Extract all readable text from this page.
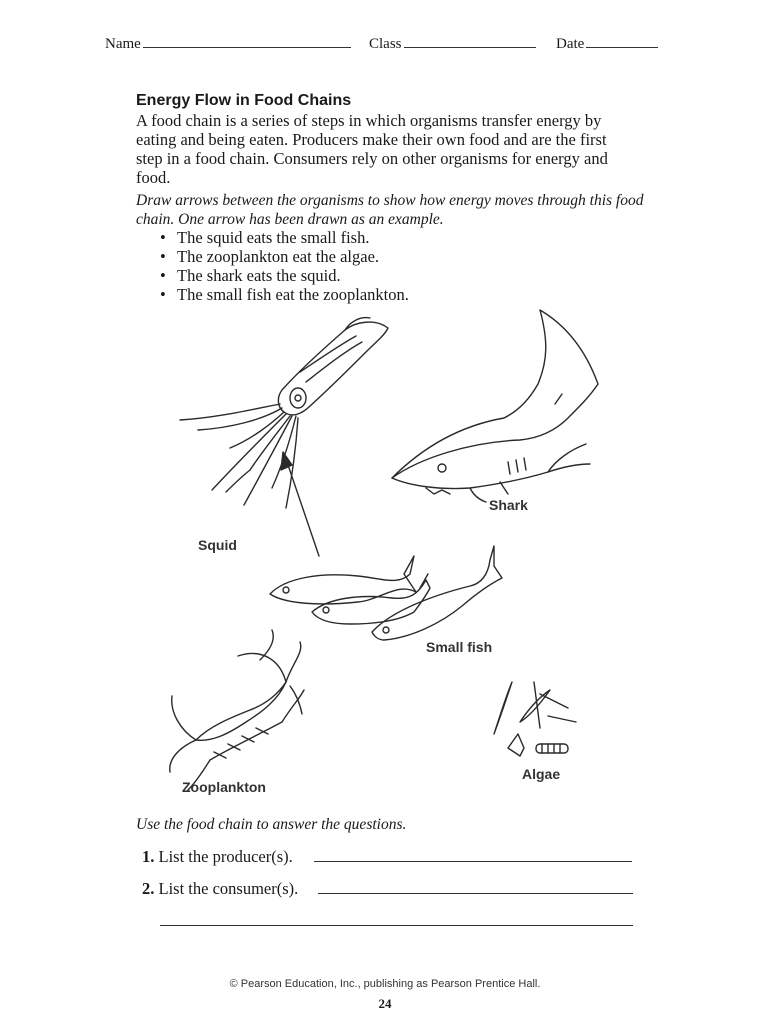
Name	Class	Date
Energy Flow in Food Chains
A food chain is a series of steps in which organisms transfer energy by eating and being eaten. Producers make their own food and are the first step in a food chain. Consumers rely on other organisms for energy and food.
Draw arrows between the organisms to show how energy moves through this food chain. One arrow has been drawn as an example.
• The squid eats the small fish.
• The zooplankton eat the algae.
• The shark eats the squid.
• The small fish eat the zooplankton.
Squid
Shark
Small fish
Zooplankton
Algae
Use the food chain to answer the questions.
1. List the producer(s).
2. List the consumer(s).
© Pearson Education, Inc., publishing as Pearson Prentice Hall.
24
